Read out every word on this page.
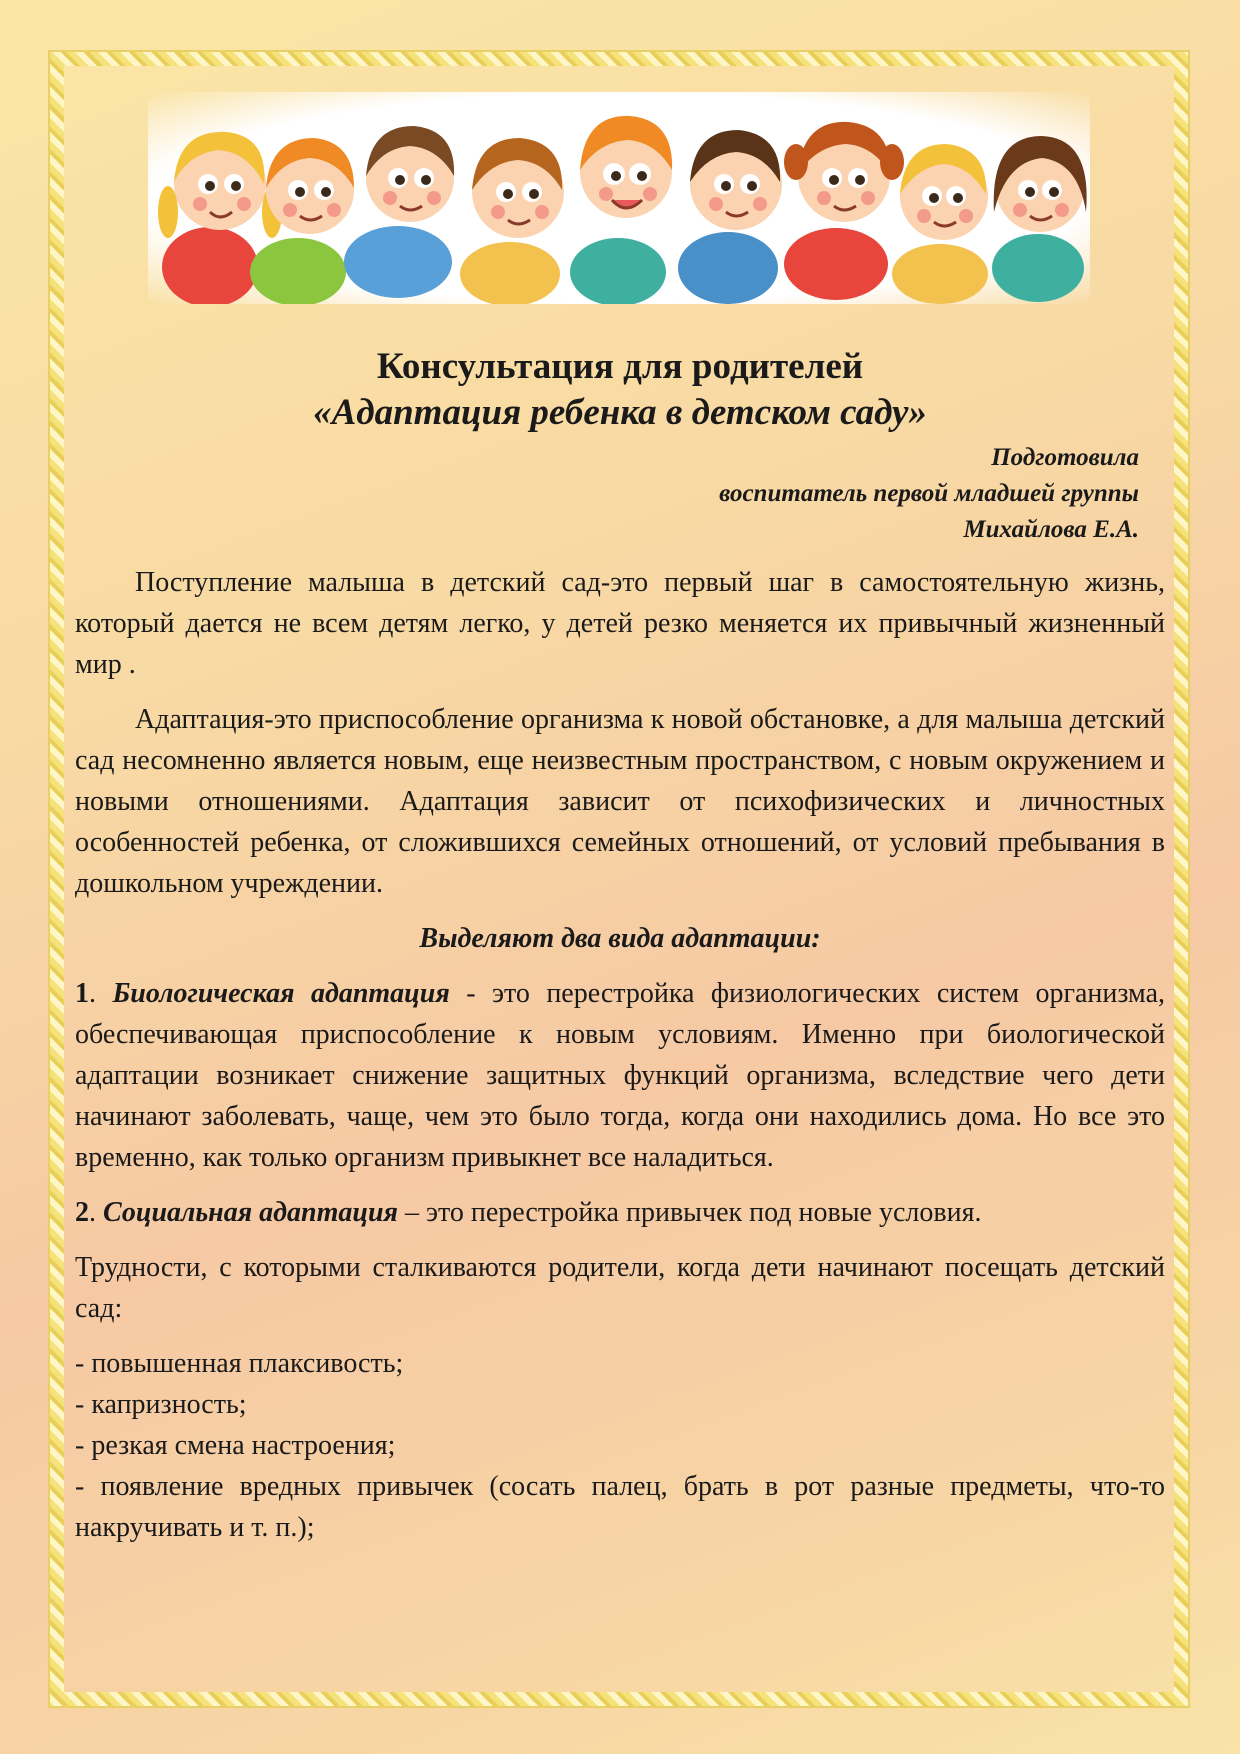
Консультация для родителей
«Адаптация ребенка в детском саду»
Подготовила
воспитатель первой младшей группы
Михайлова Е.А.

Поступление малыша в детский сад-это первый шаг в самостоятельную жизнь, который дается не всем детям легко, у детей резко меняется их привычный жизненный мир .

Адаптация-это приспособление организма к новой обстановке, а для малыша детский сад несомненно является новым, еще неизвестным пространством, с новым окружением и новыми отношениями. Адаптация зависит от психофизических и личностных особенностей ребенка, от сложившихся семейных отношений, от условий пребывания в дошкольном учреждении.

Выделяют два вида адаптации:

1. Биологическая адаптация - это перестройка физиологических систем организма, обеспечивающая приспособление к новым условиям. Именно при биологической адаптации возникает снижение защитных функций организма, вследствие чего дети начинают заболевать, чаще, чем это было тогда, когда они находились дома. Но все это временно, как только организм привыкнет все наладиться.

2. Социальная адаптация – это перестройка привычек под новые условия.

Трудности, с которыми сталкиваются родители, когда дети начинают посещать детский сад:

- повышенная плаксивость;
- капризность;
- резкая смена настроения;
- появление вредных привычек (сосать палец, брать в рот разные предметы, что-то накручивать и т. п.);
